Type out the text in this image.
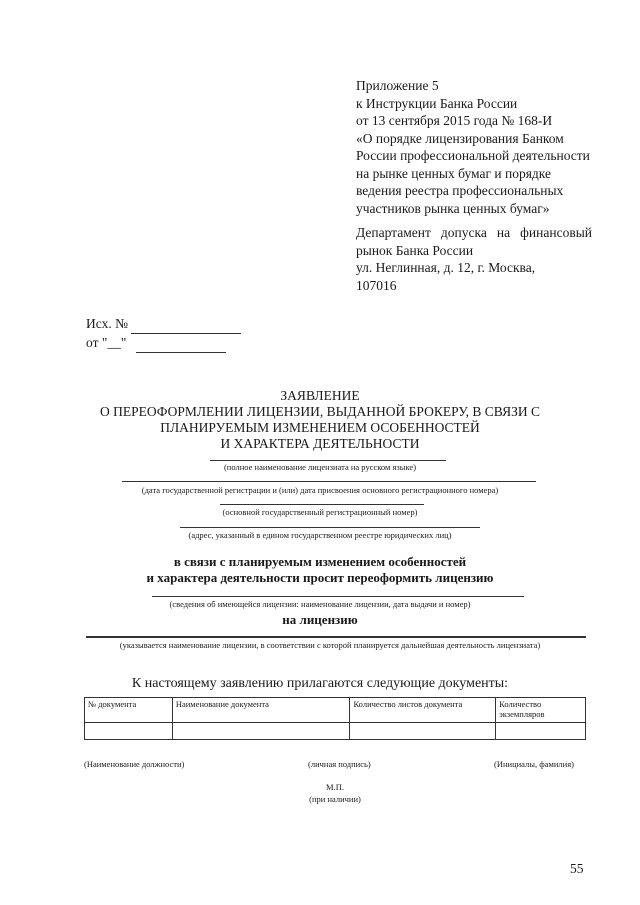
Приложение 5
к Инструкции Банка России
от 13 сентября 2015 года № 168-И
«О порядке лицензирования Банком
России профессиональной деятельности
на рынке ценных бумаг и порядке
ведения реестра профессиональных
участников рынка ценных бумаг»
Департамент допуска на финансовый
рынок Банка России
ул. Неглинная, д. 12, г. Москва,
107016
Исх. №
от "__"
ЗАЯВЛЕНИЕ
О ПЕРЕОФОРМЛЕНИИ ЛИЦЕНЗИИ, ВЫДАННОЙ БРОКЕРУ, В СВЯЗИ С
ПЛАНИРУЕМЫМ ИЗМЕНЕНИЕМ ОСОБЕННОСТЕЙ
И ХАРАКТЕРА ДЕЯТЕЛЬНОСТИ
(полное наименование лицензиата на русском языке)
(дата государственной регистрации и (или) дата присвоения основного регистрационного номера)
(основной государственный регистрационный номер)
(адрес, указанный в едином государственном реестре юридических лиц)
в связи с планируемым изменением особенностей
и характера деятельности просит переоформить лицензию
(сведения об имеющейся лицензии: наименование лицензии, дата выдачи и номер)
на лицензию
(указывается наименование лицензии, в соответствии с которой планируется дальнейшая деятельность лицензиата)
К настоящему заявлению прилагаются следующие документы:
№ документа	Наименование документа	Количество листов документа	Количество экземпляров

(Наименование должности)	(личная подпись)	(Инициалы, фамилия)
М.П.
(при наличии)
55
